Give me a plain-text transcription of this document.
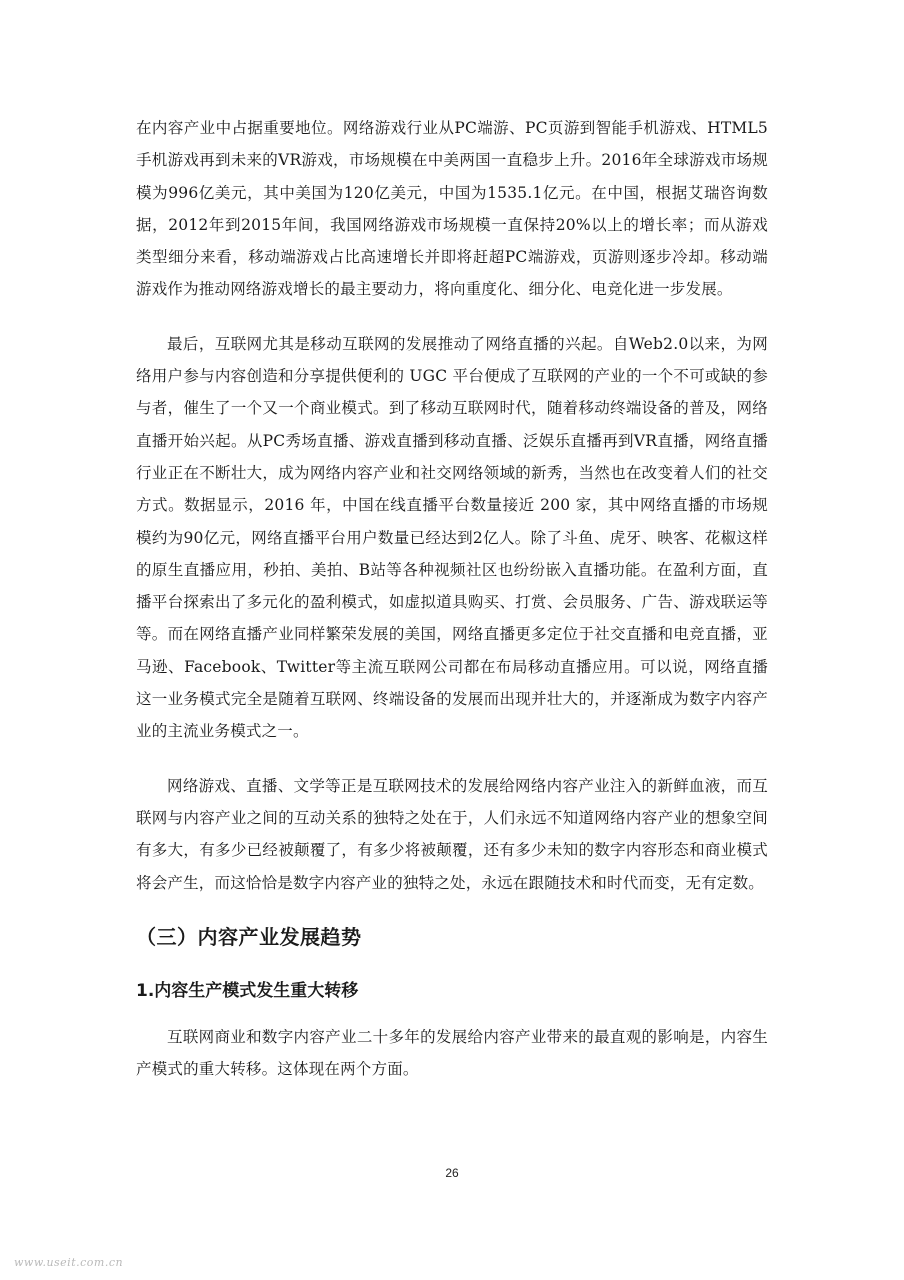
在内容产业中占据重要地位。网络游戏行业从PC端游、PC页游到智能手机游戏、HTML5手机游戏再到未来的VR游戏，市场规模在中美两国一直稳步上升。2016年全球游戏市场规模为996亿美元，其中美国为120亿美元，中国为1535.1亿元。在中国，根据艾瑞咨询数据，2012年到2015年间，我国网络游戏市场规模一直保持20%以上的增长率；而从游戏类型细分来看，移动端游戏占比高速增长并即将赶超PC端游戏，页游则逐步冷却。移动端游戏作为推动网络游戏增长的最主要动力，将向重度化、细分化、电竞化进一步发展。

最后，互联网尤其是移动互联网的发展推动了网络直播的兴起。自Web2.0以来，为网络用户参与内容创造和分享提供便利的 UGC 平台便成了互联网的产业的一个不可或缺的参与者，催生了一个又一个商业模式。到了移动互联网时代，随着移动终端设备的普及，网络直播开始兴起。从PC秀场直播、游戏直播到移动直播、泛娱乐直播再到VR直播，网络直播行业正在不断壮大，成为网络内容产业和社交网络领域的新秀，当然也在改变着人们的社交方式。数据显示，2016 年，中国在线直播平台数量接近 200 家，其中网络直播的市场规模约为90亿元，网络直播平台用户数量已经达到2亿人。除了斗鱼、虎牙、映客、花椒这样的原生直播应用，秒拍、美拍、B站等各种视频社区也纷纷嵌入直播功能。在盈利方面，直播平台探索出了多元化的盈利模式，如虚拟道具购买、打赏、会员服务、广告、游戏联运等等。而在网络直播产业同样繁荣发展的美国，网络直播更多定位于社交直播和电竞直播，亚马逊、Facebook、Twitter等主流互联网公司都在布局移动直播应用。可以说，网络直播这一业务模式完全是随着互联网、终端设备的发展而出现并壮大的，并逐渐成为数字内容产业的主流业务模式之一。

网络游戏、直播、文学等正是互联网技术的发展给网络内容产业注入的新鲜血液，而互联网与内容产业之间的互动关系的独特之处在于，人们永远不知道网络内容产业的想象空间有多大，有多少已经被颠覆了，有多少将被颠覆，还有多少未知的数字内容形态和商业模式将会产生，而这恰恰是数字内容产业的独特之处，永远在跟随技术和时代而变，无有定数。

（三）内容产业发展趋势
1.内容生产模式发生重大转移

互联网商业和数字内容产业二十多年的发展给内容产业带来的最直观的影响是，内容生产模式的重大转移。这体现在两个方面。

26
www.useit.com.cn
